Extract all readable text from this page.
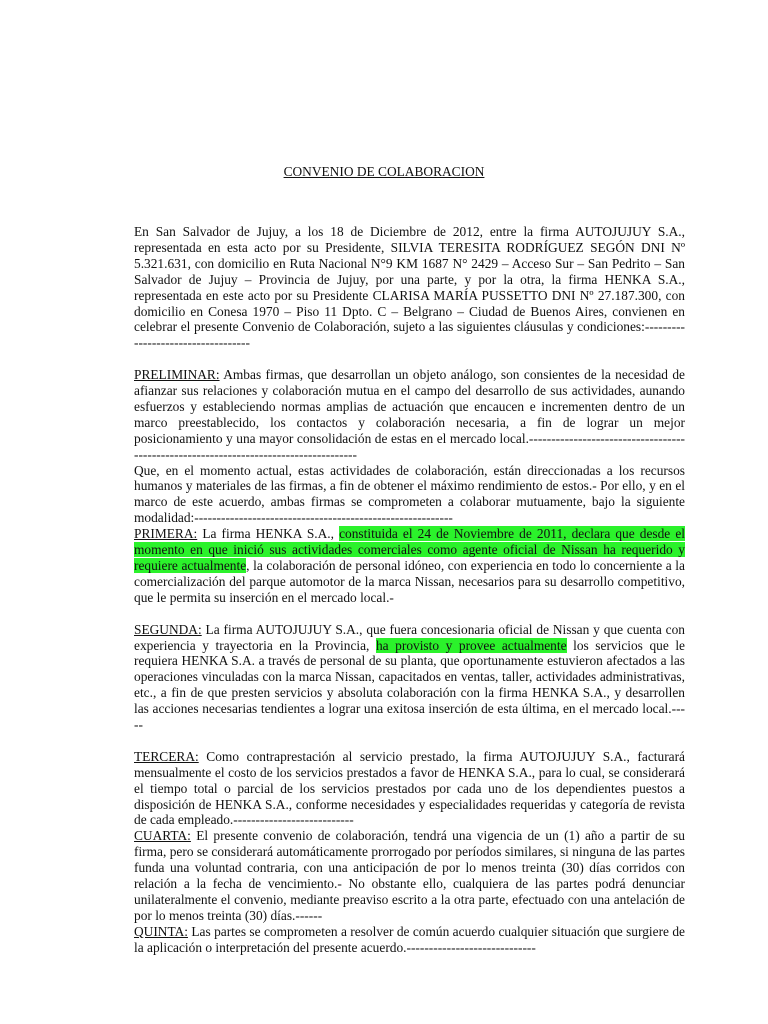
CONVENIO DE COLABORACION

En San Salvador de Jujuy, a los 18 de Diciembre de 2012, entre la firma AUTOJUJUY S.A., representada en esta acto por su Presidente, SILVIA TERESITA RODRÍGUEZ SEGÓN DNI Nº 5.321.631, con domicilio en Ruta Nacional N°9 KM 1687 N° 2429 – Acceso Sur – San Pedrito – San Salvador de Jujuy – Provincia de Jujuy, por una parte, y por la otra, la firma HENKA S.A., representada en este acto por su Presidente CLARISA MARÍA PUSSETTO DNI Nº 27.187.300, con domicilio en Conesa 1970 – Piso 11 Dpto. C – Belgrano – Ciudad de Buenos Aires, convienen en celebrar el presente Convenio de Colaboración, sujeto a las siguientes cláusulas y condiciones:-----------------------------------

PRELIMINAR: Ambas firmas, que desarrollan un objeto análogo, son consientes de la necesidad de afianzar sus relaciones y colaboración mutua en el campo del desarrollo de sus actividades, aunando esfuerzos y estableciendo normas amplias de actuación que encaucen e incrementen dentro de un marco preestablecido, los contactos y colaboración necesaria, a fin de lograr un mejor posicionamiento y una mayor consolidación de estas en el mercado local.-------------------------------------------------------------------------------------

Que, en el momento actual, estas actividades de colaboración, están direccionadas a los recursos humanos y materiales de las firmas, a fin de obtener el máximo rendimiento de estos.- Por ello, y en el marco de este acuerdo, ambas firmas se comprometen a colaborar mutuamente, bajo la siguiente modalidad:----------------------------------------------------------

PRIMERA: La firma HENKA S.A., constituida el 24 de Noviembre de 2011, declara que desde el momento en que inició sus actividades comerciales como agente oficial de Nissan ha requerido y requiere actualmente, la colaboración de personal idóneo, con experiencia en todo lo concerniente a la comercialización del parque automotor de la marca Nissan, necesarios para su desarrollo competitivo, que le permita su inserción en el mercado local.-

SEGUNDA: La firma AUTOJUJUY S.A., que fuera concesionaria oficial de Nissan y que cuenta con experiencia y trayectoria en la Provincia, ha provisto y provee actualmente los servicios que le requiera HENKA S.A. a través de personal de su planta, que oportunamente estuvieron afectados a las operaciones vinculadas con la marca Nissan, capacitados en ventas, taller, actividades administrativas, etc., a fin de que presten servicios y absoluta colaboración con la firma HENKA S.A., y desarrollen las acciones necesarias tendientes a lograr una exitosa inserción de esta última, en el mercado local.-----

TERCERA: Como contraprestación al servicio prestado, la firma AUTOJUJUY S.A., facturará mensualmente el costo de los servicios prestados a favor de HENKA S.A., para lo cual, se considerará el tiempo total o parcial de los servicios prestados por cada uno de los dependientes puestos a disposición de HENKA S.A., conforme necesidades y especialidades requeridas y categoría de revista de cada empleado.---------------------------

CUARTA: El presente convenio de colaboración, tendrá una vigencia de un (1) año a partir de su firma, pero se considerará automáticamente prorrogado por períodos similares, si ninguna de las partes funda una voluntad contraria, con una anticipación de por lo menos treinta (30) días corridos con relación a la fecha de vencimiento.- No obstante ello, cualquiera de las partes podrá denunciar unilateralmente el convenio, mediante preaviso escrito a la otra parte, efectuado con una antelación de por lo menos treinta (30) días.------

QUINTA: Las partes se comprometen a resolver de común acuerdo cualquier situación que surgiere de la aplicación o interpretación del presente acuerdo.-----------------------------
